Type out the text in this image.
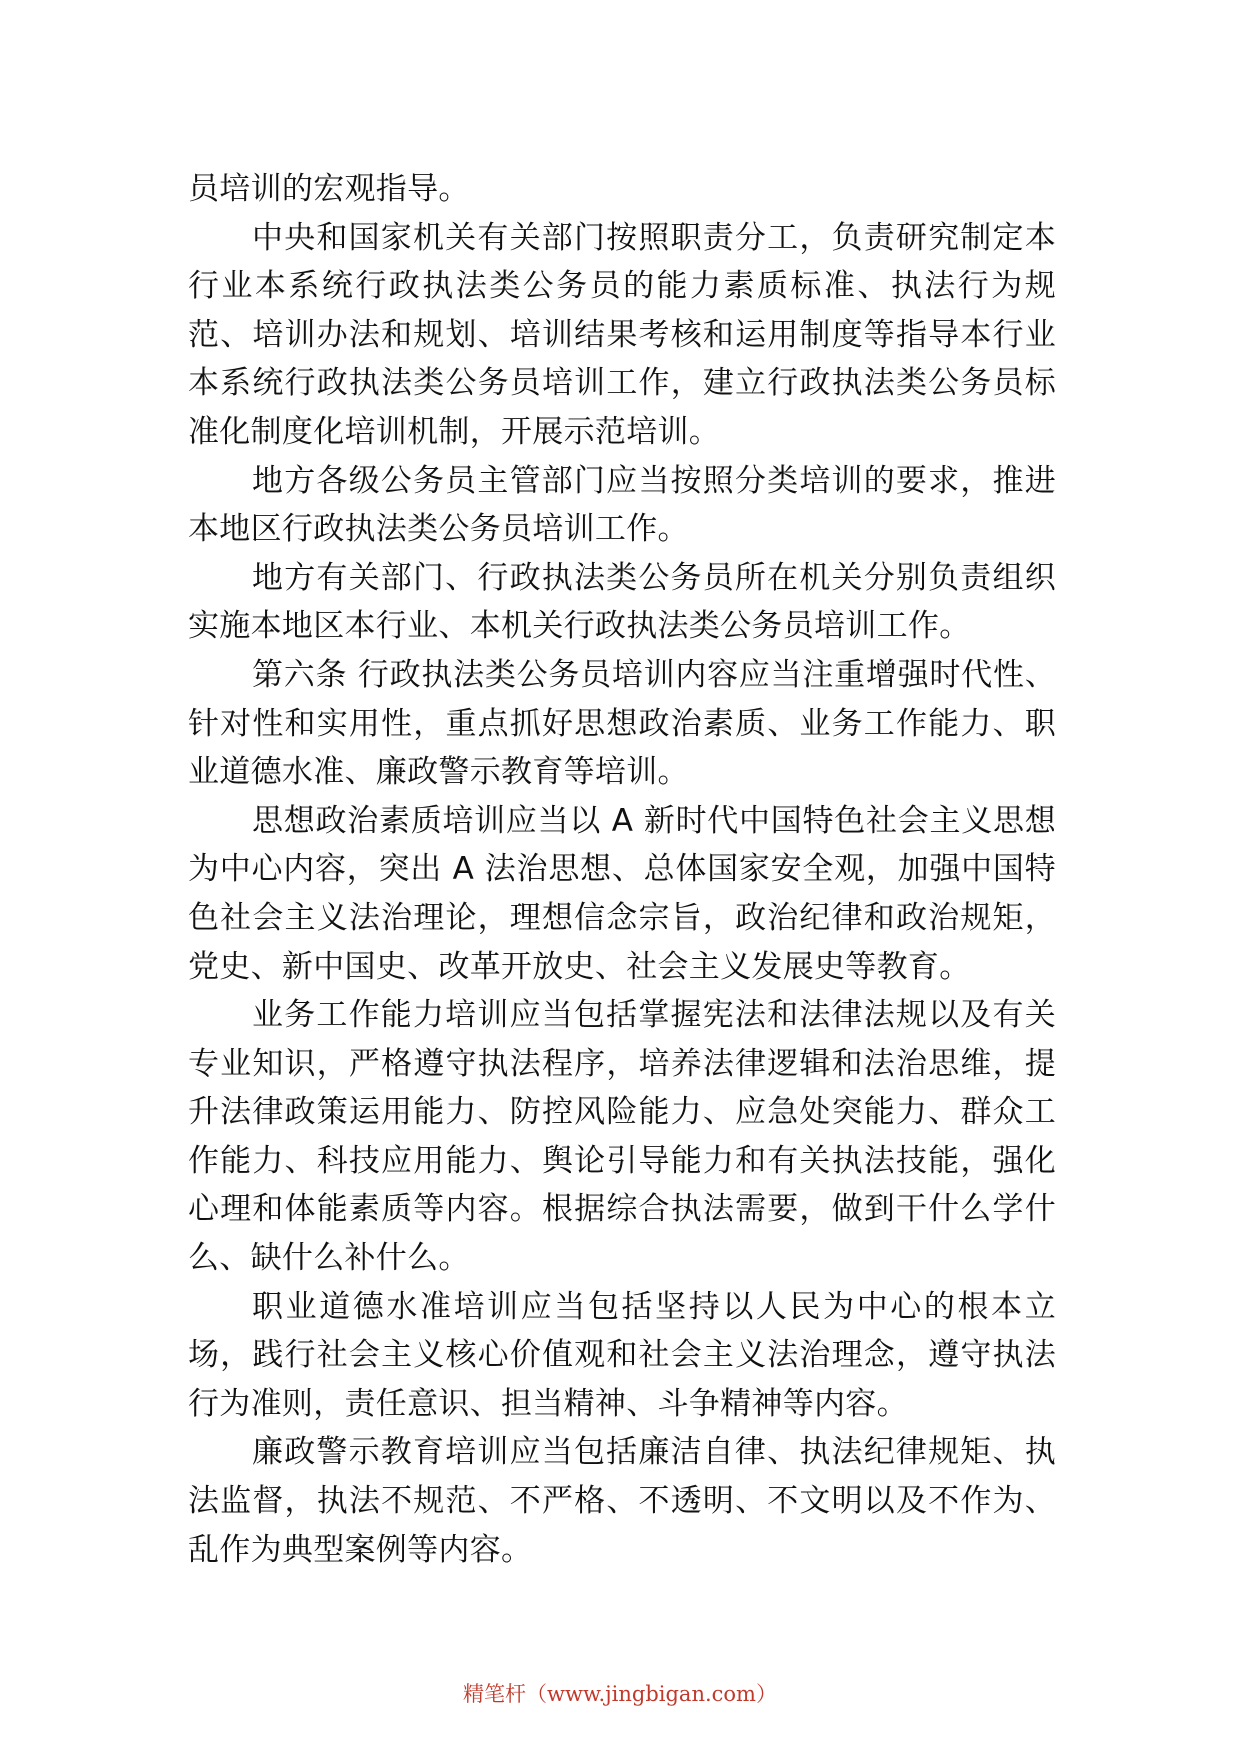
员培训的宏观指导。

中央和国家机关有关部门按照职责分工，负责研究制定本行业本系统行政执法类公务员的能力素质标准、执法行为规范、培训办法和规划、培训结果考核和运用制度等指导本行业本系统行政执法类公务员培训工作，建立行政执法类公务员标准化制度化培训机制，开展示范培训。

地方各级公务员主管部门应当按照分类培训的要求，推进本地区行政执法类公务员培训工作。

地方有关部门、行政执法类公务员所在机关分别负责组织实施本地区本行业、本机关行政执法类公务员培训工作。

第六条 行政执法类公务员培训内容应当注重增强时代性、针对性和实用性，重点抓好思想政治素质、业务工作能力、职业道德水准、廉政警示教育等培训。

思想政治素质培训应当以 A 新时代中国特色社会主义思想为中心内容，突出 A 法治思想、总体国家安全观，加强中国特色社会主义法治理论，理想信念宗旨，政治纪律和政治规矩，党史、新中国史、改革开放史、社会主义发展史等教育。

业务工作能力培训应当包括掌握宪法和法律法规以及有关专业知识，严格遵守执法程序，培养法律逻辑和法治思维，提升法律政策运用能力、防控风险能力、应急处突能力、群众工作能力、科技应用能力、舆论引导能力和有关执法技能，强化心理和体能素质等内容。根据综合执法需要，做到干什么学什么、缺什么补什么。

职业道德水准培训应当包括坚持以人民为中心的根本立场，践行社会主义核心价值观和社会主义法治理念，遵守执法行为准则，责任意识、担当精神、斗争精神等内容。

廉政警示教育培训应当包括廉洁自律、执法纪律规矩、执法监督，执法不规范、不严格、不透明、不文明以及不作为、乱作为典型案例等内容。

精笔杆（www.jingbigan.com）
